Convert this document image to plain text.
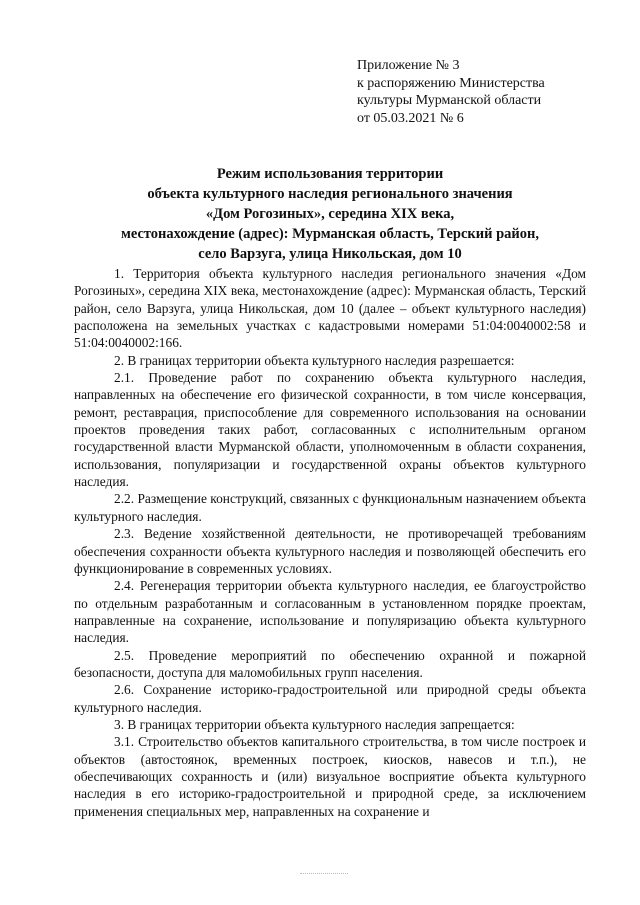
Приложение № 3
к распоряжению Министерства
культуры Мурманской области
от 05.03.2021 № 6
Режим использования территории
объекта культурного наследия регионального значения
«Дом Рогозиных», середина XIX века,
местонахождение (адрес): Мурманская область, Терский район,
село Варзуга, улица Никольская, дом 10

1. Территория объекта культурного наследия регионального значения «Дом Рогозиных», середина XIX века, местонахождение (адрес): Мурманская область, Терский район, село Варзуга, улица Никольская, дом 10 (далее – объект культурного наследия) расположена на земельных участках с кадастровыми номерами 51:04:0040002:58 и 51:04:0040002:166.

2. В границах территории объекта культурного наследия разрешается:

2.1. Проведение работ по сохранению объекта культурного наследия, направленных на обеспечение его физической сохранности, в том числе консервация, ремонт, реставрация, приспособление для современного использования на основании проектов проведения таких работ, согласованных с исполнительным органом государственной власти Мурманской области, уполномоченным в области сохранения, использования, популяризации и государственной охраны объектов культурного наследия.

2.2. Размещение конструкций, связанных с функциональным назначением объекта культурного наследия.

2.3. Ведение хозяйственной деятельности, не противоречащей требованиям обеспечения сохранности объекта культурного наследия и позволяющей обеспечить его функционирование в современных условиях.

2.4. Регенерация территории объекта культурного наследия, ее благоустройство по отдельным разработанным и согласованным в установленном порядке проектам, направленные на сохранение, использование и популяризацию объекта культурного наследия.

2.5. Проведение мероприятий по обеспечению охранной и пожарной безопасности, доступа для маломобильных групп населения.

2.6. Сохранение историко-градостроительной или природной среды объекта культурного наследия.

3. В границах территории объекта культурного наследия запрещается:

3.1. Строительство объектов капитального строительства, в том числе построек и объектов (автостоянок, временных построек, киосков, навесов и т.п.), не обеспечивающих сохранность и (или) визуальное восприятие объекта культурного наследия в его историко-градостроительной и природной среде, за исключением применения специальных мер, направленных на сохранение и
